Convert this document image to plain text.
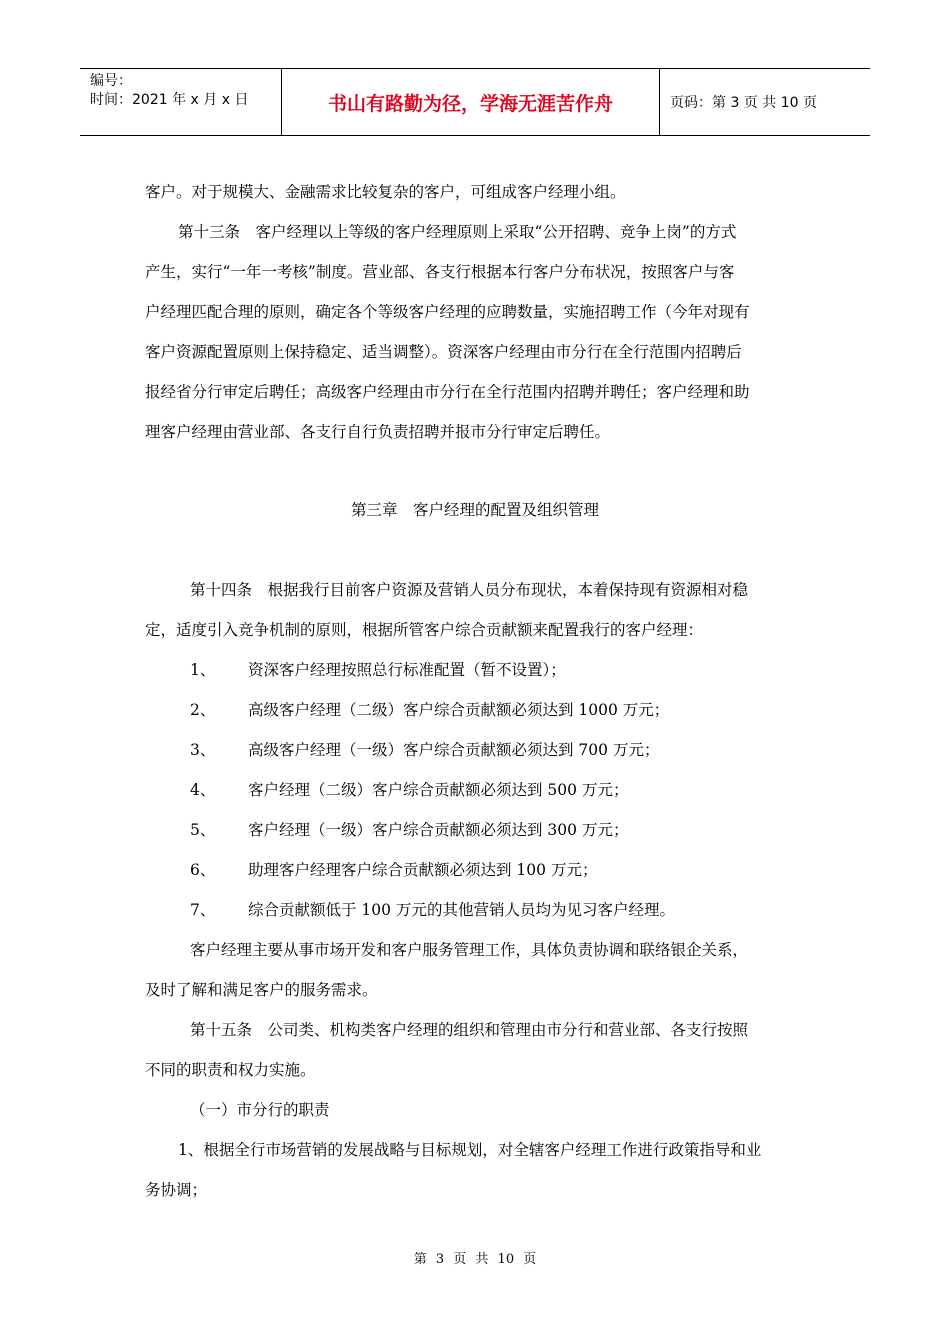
编号：
时间：2021 年 x 月 x 日	书山有路勤为径，学海无涯苦作舟	页码：第 3 页 共 10 页
客户。对于规模大、金融需求比较复杂的客户，可组成客户经理小组。
第十三条　客户经理以上等级的客户经理原则上采取“公开招聘、竞争上岗”的方式
产生，实行“一年一考核”制度。营业部、各支行根据本行客户分布状况，按照客户与客
户经理匹配合理的原则，确定各个等级客户经理的应聘数量，实施招聘工作（今年对现有
客户资源配置原则上保持稳定、适当调整）。资深客户经理由市分行在全行范围内招聘后
报经省分行审定后聘任；高级客户经理由市分行在全行范围内招聘并聘任；客户经理和助
理客户经理由营业部、各支行自行负责招聘并报市分行审定后聘任。
第三章　客户经理的配置及组织管理
第十四条　根据我行目前客户资源及营销人员分布现状，本着保持现有资源相对稳
定，适度引入竞争机制的原则，根据所管客户综合贡献额来配置我行的客户经理：
1、 资深客户经理按照总行标准配置（暂不设置）；
2、 高级客户经理（二级）客户综合贡献额必须达到 1000 万元；
3、 高级客户经理（一级）客户综合贡献额必须达到 700 万元；
4、 客户经理（二级）客户综合贡献额必须达到 500 万元；
5、 客户经理（一级）客户综合贡献额必须达到 300 万元；
6、 助理客户经理客户综合贡献额必须达到 100 万元；
7、 综合贡献额低于 100 万元的其他营销人员均为见习客户经理。
客户经理主要从事市场开发和客户服务管理工作，具体负责协调和联络银企关系，
及时了解和满足客户的服务需求。
第十五条　公司类、机构类客户经理的组织和管理由市分行和营业部、各支行按照
不同的职责和权力实施。
（一）市分行的职责
1、根据全行市场营销的发展战略与目标规划，对全辖客户经理工作进行政策指导和业
务协调；
第 3 页 共 10 页
